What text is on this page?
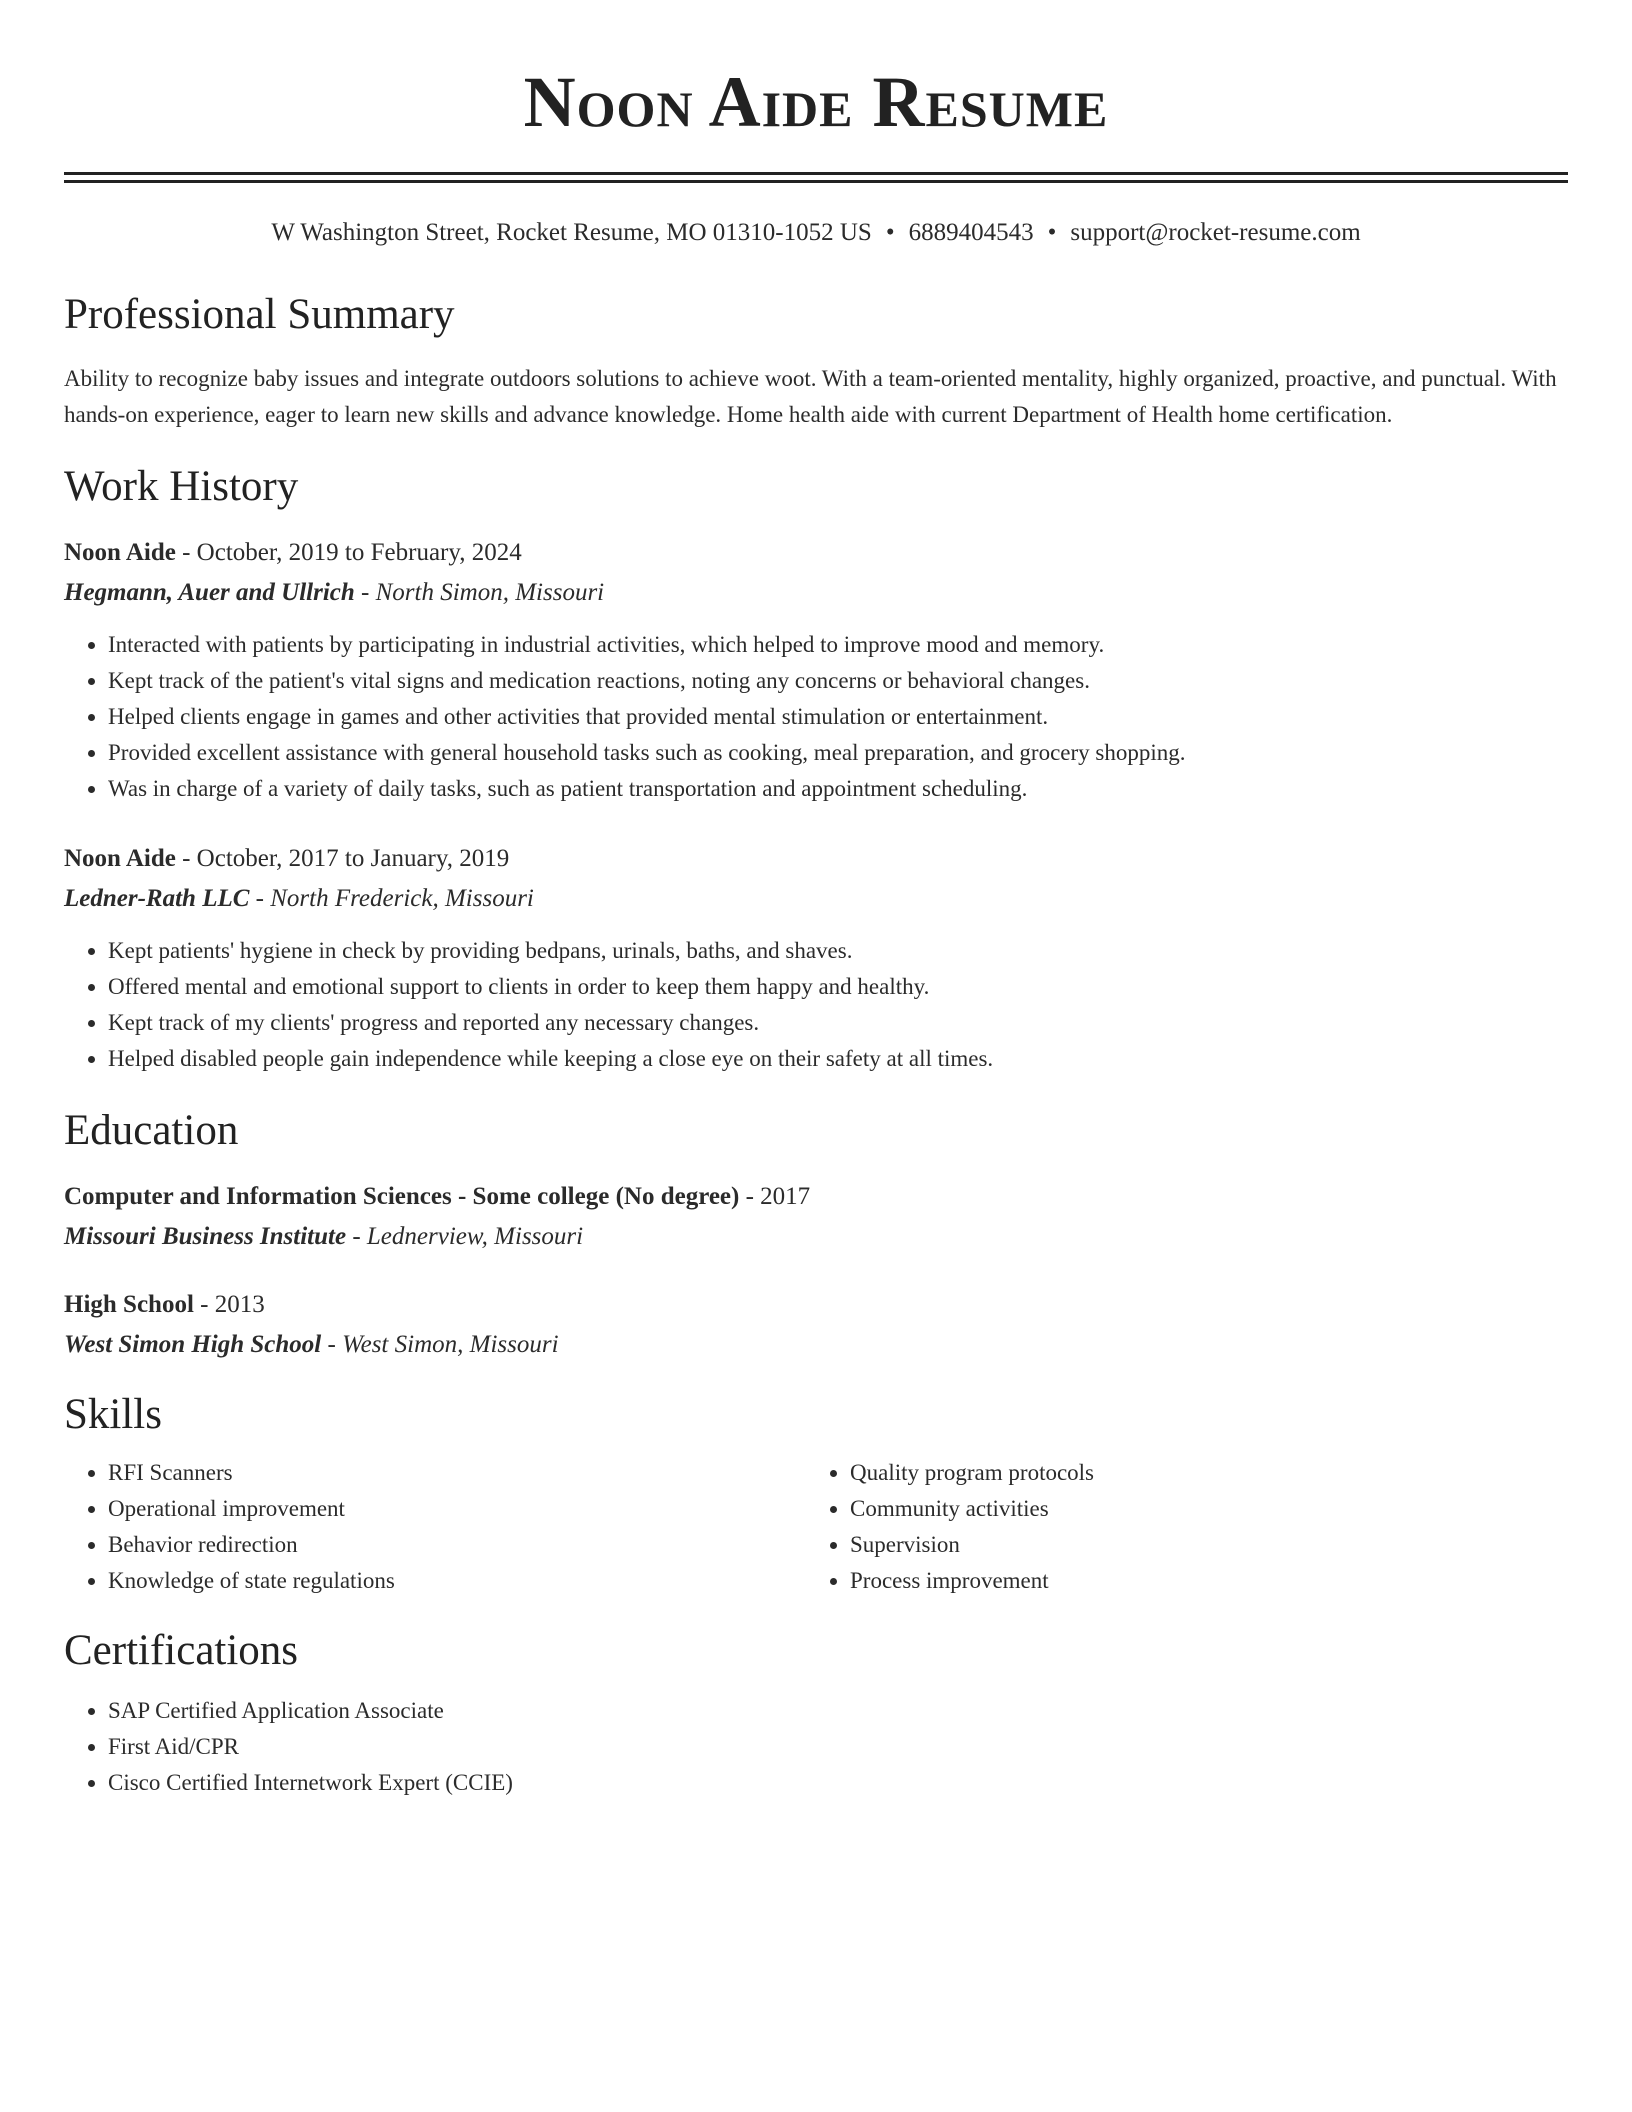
Noon Aide Resume
W Washington Street, Rocket Resume, MO 01310-1052 US • 6889404543 • support@rocket-resume.com
Professional Summary
Ability to recognize baby issues and integrate outdoors solutions to achieve woot. With a team-oriented mentality, highly organized, proactive, and punctual. With hands-on experience, eager to learn new skills and advance knowledge. Home health aide with current Department of Health home certification.
Work History
Noon Aide - October, 2019 to February, 2024
Hegmann, Auer and Ullrich - North Simon, Missouri
• Interacted with patients by participating in industrial activities, which helped to improve mood and memory.
• Kept track of the patient's vital signs and medication reactions, noting any concerns or behavioral changes.
• Helped clients engage in games and other activities that provided mental stimulation or entertainment.
• Provided excellent assistance with general household tasks such as cooking, meal preparation, and grocery shopping.
• Was in charge of a variety of daily tasks, such as patient transportation and appointment scheduling.
Noon Aide - October, 2017 to January, 2019
Ledner-Rath LLC - North Frederick, Missouri
• Kept patients' hygiene in check by providing bedpans, urinals, baths, and shaves.
• Offered mental and emotional support to clients in order to keep them happy and healthy.
• Kept track of my clients' progress and reported any necessary changes.
• Helped disabled people gain independence while keeping a close eye on their safety at all times.
Education
Computer and Information Sciences - Some college (No degree) - 2017
Missouri Business Institute - Lednerview, Missouri
High School - 2013
West Simon High School - West Simon, Missouri
Skills
• RFI Scanners
• Operational improvement
• Behavior redirection
• Knowledge of state regulations
• Quality program protocols
• Community activities
• Supervision
• Process improvement
Certifications
• SAP Certified Application Associate
• First Aid/CPR
• Cisco Certified Internetwork Expert (CCIE)
